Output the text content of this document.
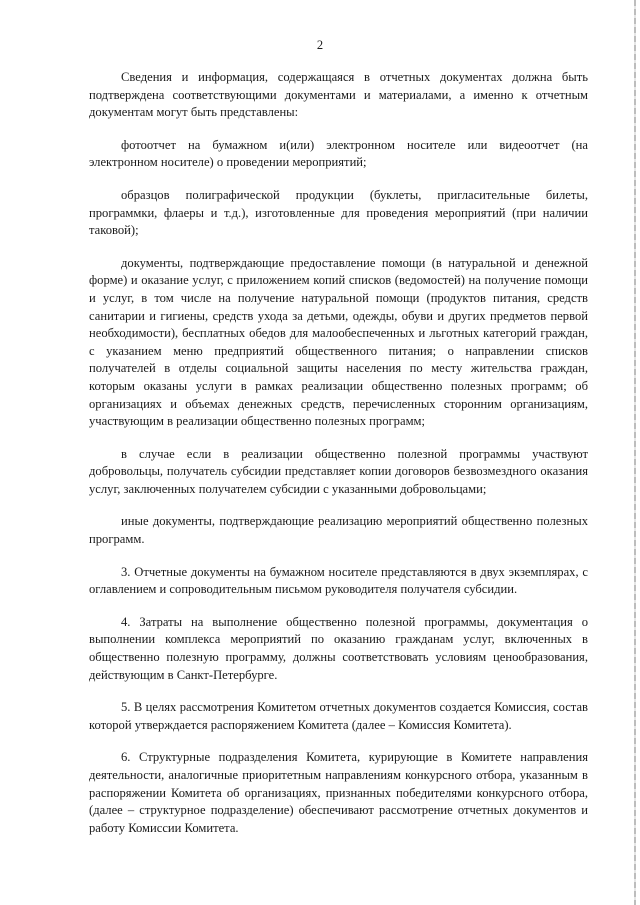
2

Сведения и информация, содержащаяся в отчетных документах должна быть подтверждена соответствующими документами и материалами, а именно к отчетным документам могут быть представлены:

фотоотчет на бумажном и(или) электронном носителе или видеоотчет (на электронном носителе) о проведении мероприятий;

образцов полиграфической продукции (буклеты, пригласительные билеты, программки, флаеры и т.д.), изготовленные для проведения мероприятий (при наличии таковой);

документы, подтверждающие предоставление помощи (в натуральной и денежной форме) и оказание услуг, с приложением копий списков (ведомостей) на получение помощи и услуг, в том числе на получение натуральной помощи (продуктов питания, средств санитарии и гигиены, средств ухода за детьми, одежды, обуви и других предметов первой необходимости), бесплатных обедов для малообеспеченных и льготных категорий граждан, с указанием меню предприятий общественного питания; о направлении списков получателей в отделы социальной защиты населения по месту жительства граждан, которым оказаны услуги в рамках реализации общественно полезных программ; об организациях и объемах денежных средств, перечисленных сторонним организациям, участвующим в реализации общественно полезных программ;

в случае если в реализации общественно полезной программы участвуют добровольцы, получатель субсидии представляет копии договоров безвозмездного оказания услуг, заключенных получателем субсидии с указанными добровольцами;

иные документы, подтверждающие реализацию мероприятий общественно полезных программ.

3. Отчетные документы на бумажном носителе представляются в двух экземплярах, с оглавлением и сопроводительным письмом руководителя получателя субсидии.

4. Затраты на выполнение общественно полезной программы, документация о выполнении комплекса мероприятий по оказанию гражданам услуг, включенных в общественно полезную программу, должны соответствовать условиям ценообразования, действующим в Санкт-Петербурге.

5. В целях рассмотрения Комитетом отчетных документов создается Комиссия, состав которой утверждается распоряжением Комитета (далее – Комиссия Комитета).

6. Структурные подразделения Комитета, курирующие в Комитете направления деятельности, аналогичные приоритетным направлениям конкурсного отбора, указанным в распоряжении Комитета об организациях, признанных победителями конкурсного отбора, (далее – структурное подразделение) обеспечивают рассмотрение отчетных документов и работу Комиссии Комитета.
